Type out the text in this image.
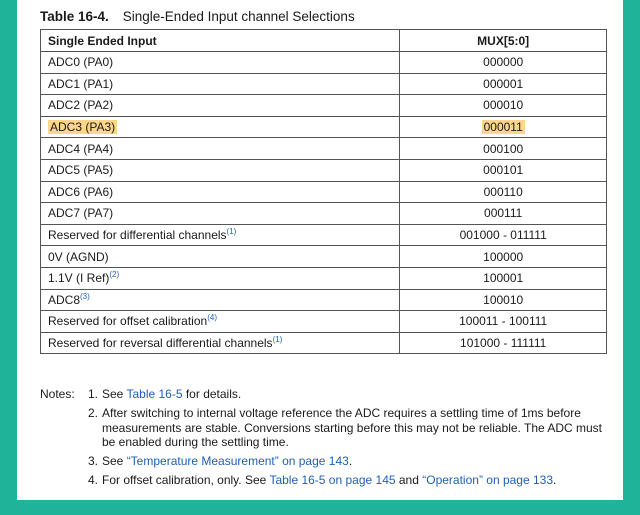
Table 16-4. Single-Ended Input channel Selections
Single Ended Input	MUX[5:0]
ADC0 (PA0)	000000
ADC1 (PA1)	000001
ADC2 (PA2)	000010
ADC3 (PA3)	000011
ADC4 (PA4)	000100
ADC5 (PA5)	000101
ADC6 (PA6)	000110
ADC7 (PA7)	000111
Reserved for differential channels$^{(1)}$	001000 - 011111
0V (AGND)	100000
1.1V (I Ref)$^{(2)}$	100001
ADC8$^{(3)}$	100010
Reserved for offset calibration$^{(4)}$	100011 - 100111
Reserved for reversal differential channels$^{(1)}$	101000 - 111111
Notes: 1. See Table 16-5 for details.
2. After switching to internal voltage reference the ADC requires a settling time of 1ms before measurements are stable. Conversions starting before this may not be reliable. The ADC must be enabled during the settling time.
3. See “Temperature Measurement” on page 143.
4. For offset calibration, only. See Table 16-5 on page 145 and “Operation” on page 133.
